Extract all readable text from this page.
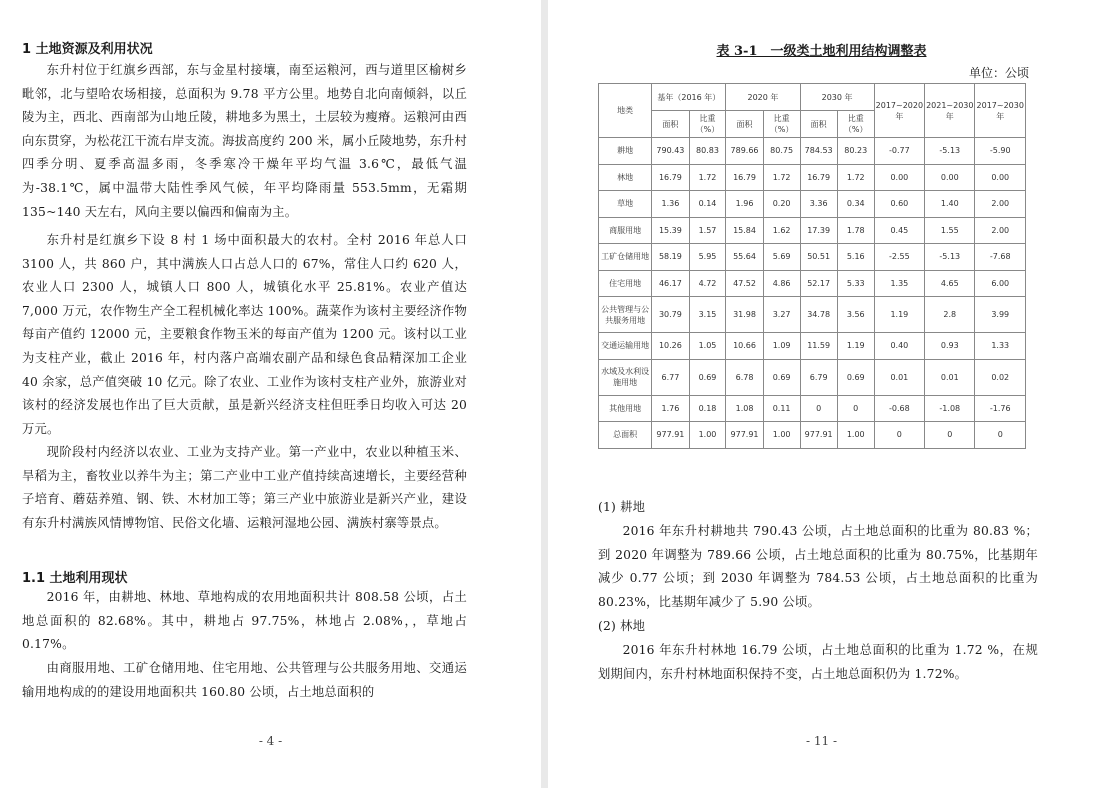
1 土地资源及利用状况

东升村位于红旗乡西部，东与金星村接壤，南至运粮河，西与道里区榆树乡毗邻，北与望哈农场相接，总面积为 9.78 平方公里。地势自北向南倾斜，以丘陵为主，西北、西南部为山地丘陵，耕地多为黑土，土层较为瘦瘠。运粮河由西向东贯穿，为松花江干流右岸支流。海拔高度约 200 米，属小丘陵地势，东升村四季分明、夏季高温多雨，冬季寒冷干燥年平均气温 3.6℃，最低气温为-38.1℃，属中温带大陆性季风气候，年平均降雨量 553.5mm，无霜期 135~140 天左右，风向主要以偏西和偏南为主。

东升村是红旗乡下设 8 村 1 场中面积最大的农村。全村 2016 年总人口 3100 人，共 860 户，其中满族人口占总人口的 67%，常住人口约 620 人，农业人口 2300 人，城镇人口 800 人，城镇化水平 25.81%。农业产值达 7,000 万元，农作物生产全工程机械化率达 100%。蔬菜作为该村主要经济作物每亩产值约 12000 元，主要粮食作物玉米的每亩产值为 1200 元。该村以工业为支柱产业，截止 2016 年，村内落户高端农副产品和绿色食品精深加工企业 40 余家，总产值突破 10 亿元。除了农业、工业作为该村支柱产业外，旅游业对该村的经济发展也作出了巨大贡献，虽是新兴经济支柱但旺季日均收入可达 20 万元。

现阶段村内经济以农业、工业为支持产业。第一产业中，农业以种植玉米、旱稻为主，畜牧业以养牛为主；第二产业中工业产值持续高速增长，主要经营种子培育、蘑菇养殖、钢、铁、木材加工等；第三产业中旅游业是新兴产业，建设有东升村满族风情博物馆、民俗文化墙、运粮河湿地公园、满族村寨等景点。

1.1 土地利用现状

2016 年，由耕地、林地、草地构成的农用地面积共计 808.58 公顷，占土地总面积的 82.68%。其中，耕地占 97.75%，林地占 2.08%，，草地占 0.17%。

由商服用地、工矿仓储用地、住宅用地、公共管理与公共服务用地、交通运输用地构成的的建设用地面积共 160.80 公顷，占土地总面积的

- 4 -
表 3-1　一级类土地利用结构调整表
单位：公顷
地类	基年（2016 年）		2020 年		2030 年		2017~2020 年	2021~2030 年	2017~2030 年
	面积	比重（%）	面积	比重（%）	面积	比重（%）			
耕地	790.43	80.83	789.66	80.75	784.53	80.23	-0.77	-5.13	-5.90
林地	16.79	1.72	16.79	1.72	16.79	1.72	0.00	0.00	0.00
草地	1.36	0.14	1.96	0.20	3.36	0.34	0.60	1.40	2.00
商服用地	15.39	1.57	15.84	1.62	17.39	1.78	0.45	1.55	2.00
工矿仓储用地	58.19	5.95	55.64	5.69	50.51	5.16	-2.55	-5.13	-7.68
住宅用地	46.17	4.72	47.52	4.86	52.17	5.33	1.35	4.65	6.00
公共管理与公共服务用地	30.79	3.15	31.98	3.27	34.78	3.56	1.19	2.8	3.99
交通运输用地	10.26	1.05	10.66	1.09	11.59	1.19	0.40	0.93	1.33
水域及水利设施用地	6.77	0.69	6.78	0.69	6.79	0.69	0.01	0.01	0.02
其他用地	1.76	0.18	1.08	0.11	0	0	-0.68	-1.08	-1.76
总面积	977.91	1.00	977.91	1.00	977.91	1.00	0	0	0
(1) 耕地

2016 年东升村耕地共 790.43 公顷，占土地总面积的比重为 80.83 %；到 2020 年调整为 789.66 公顷，占土地总面积的比重为 80.75%，比基期年减少 0.77 公顷；到 2030 年调整为 784.53 公顷，占土地总面积的比重为 80.23%，比基期年减少了 5.90 公顷。

(2) 林地

2016 年东升村林地 16.79 公顷，占土地总面积的比重为 1.72 %，在规划期间内，东升村林地面积保持不变，占土地总面积仍为 1.72%。

- 11 -
